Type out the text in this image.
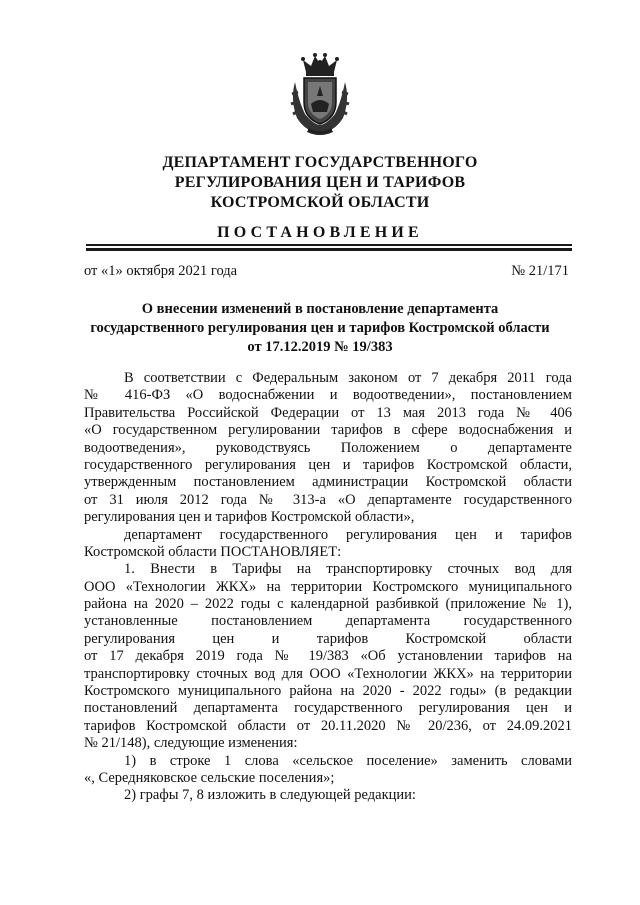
ДЕПАРТАМЕНТ ГОСУДАРСТВЕННОГО
РЕГУЛИРОВАНИЯ ЦЕН И ТАРИФОВ
КОСТРОМСКОЙ ОБЛАСТИ
ПОСТАНОВЛЕНИЕ
от «1» октября 2021 года	№ 21/171
О внесении изменений в постановление департамента
государственного регулирования цен и тарифов Костромской области
от 17.12.2019 № 19/383
В соответствии с Федеральным законом от 7 декабря 2011 года
№ 416-ФЗ «О водоснабжении и водоотведении», постановлением
Правительства Российской Федерации от 13 мая 2013 года № 406
«О государственном регулировании тарифов в сфере водоснабжения и
водоотведения», руководствуясь Положением о департаменте
государственного регулирования цен и тарифов Костромской области,
утвержденным постановлением администрации Костромской области
от 31 июля 2012 года № 313-а «О департаменте государственного
регулирования цен и тарифов Костромской области»,
департамент государственного регулирования цен и тарифов
Костромской области ПОСТАНОВЛЯЕТ:
1. Внести в Тарифы на транспортировку сточных вод для
ООО «Технологии ЖКХ» на территории Костромского муниципального
района на 2020 – 2022 годы с календарной разбивкой (приложение № 1),
установленные постановлением департамента государственного
регулирования цен и тарифов Костромской области
от 17 декабря 2019 года № 19/383 «Об установлении тарифов на
транспортировку сточных вод для ООО «Технологии ЖКХ» на территории
Костромского муниципального района на 2020 - 2022 годы» (в редакции
постановлений департамента государственного регулирования цен и
тарифов Костромской области от 20.11.2020 № 20/236, от 24.09.2021
№ 21/148), следующие изменения:
1) в строке 1 слова «сельское поселение» заменить словами
«, Середняковское сельские поселения»;
2) графы 7, 8 изложить в следующей редакции:
